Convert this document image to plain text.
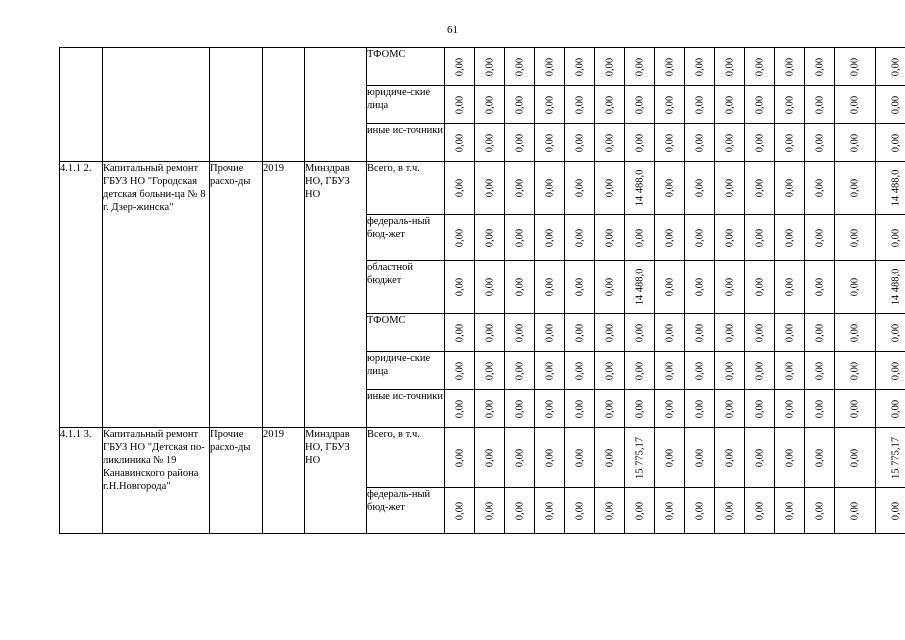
61
					ТФОМС	0,00	0,00	0,00	0,00	0,00	0,00	0,00	0,00	0,00	0,00	0,00	0,00	0,00	0,00	0,00

					юридиче-ские лица	0,00	0,00	0,00	0,00	0,00	0,00	0,00	0,00	0,00	0,00	0,00	0,00	0,00	0,00	0,00

					иные ис-точники	0,00	0,00	0,00	0,00	0,00	0,00	0,00	0,00	0,00	0,00	0,00	0,00	0,00	0,00	0,00

4.1.1 2.	Капитальный ремонт ГБУЗ НО "Городская детская больни-ца № 8 г. Дзер-жинска"	Прочие расхо-ды	2019	Минздрав НО, ГБУЗ НО	Всего, в т.ч.	0,00	0,00	0,00	0,00	0,00	0,00	14 488,0	0,00	0,00	0,00	0,00	0,00	0,00	0,00	14 488,0

					федераль-ный бюд-жет	0,00	0,00	0,00	0,00	0,00	0,00	0,00	0,00	0,00	0,00	0,00	0,00	0,00	0,00	0,00

					областной бюджет	0,00	0,00	0,00	0,00	0,00	0,00	14 488,0	0,00	0,00	0,00	0,00	0,00	0,00	0,00	14 488,0

					ТФОМС	0,00	0,00	0,00	0,00	0,00	0,00	0,00	0,00	0,00	0,00	0,00	0,00	0,00	0,00	0,00

					юридиче-ские лица	0,00	0,00	0,00	0,00	0,00	0,00	0,00	0,00	0,00	0,00	0,00	0,00	0,00	0,00	0,00

					иные ис-точники	0,00	0,00	0,00	0,00	0,00	0,00	0,00	0,00	0,00	0,00	0,00	0,00	0,00	0,00	0,00

4.1.1 3.	Капитальный ремонт ГБУЗ НО "Детская по-ликлиника № 19 Канавинского района г.Н.Новгорода"	Прочие расхо-ды	2019	Минздрав НО, ГБУЗ НО	Всего, в т.ч.	0,00	0,00	0,00	0,00	0,00	0,00	15 775,17	0,00	0,00	0,00	0,00	0,00	0,00	0,00	15 775,17

					федераль-ный бюд-жет	0,00	0,00	0,00	0,00	0,00	0,00	0,00	0,00	0,00	0,00	0,00	0,00	0,00	0,00	0,00
